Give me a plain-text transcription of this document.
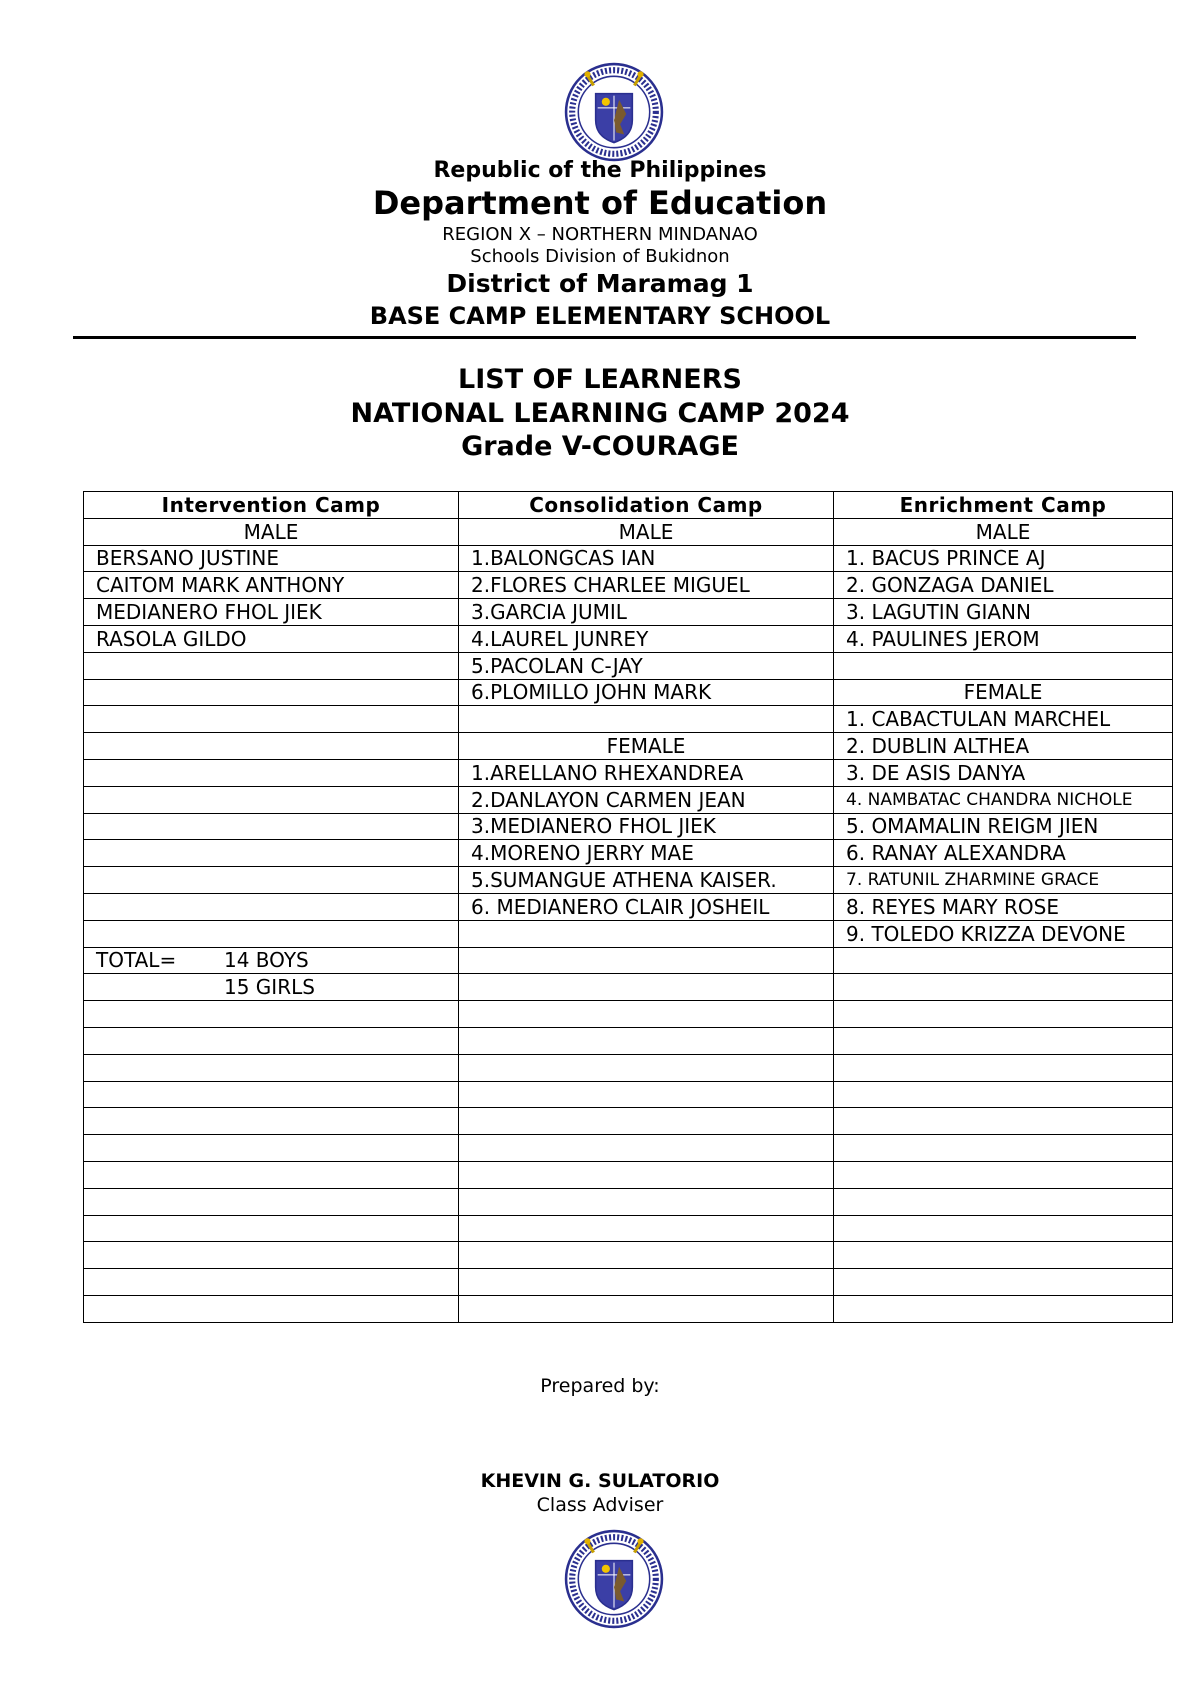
Republic of the Philippines
Department of Education
REGION X – NORTHERN MINDANAO
Schools Division of Bukidnon
District of Maramag 1
BASE CAMP ELEMENTARY SCHOOL
LIST OF LEARNERS
NATIONAL LEARNING CAMP 2024
Grade V-COURAGE
Intervention Camp	Consolidation Camp	Enrichment Camp
MALE	MALE	MALE
BERSANO JUSTINE	1.BALONGCAS IAN	1. BACUS PRINCE AJ
CAITOM MARK ANTHONY	2.FLORES CHARLEE MIGUEL	2. GONZAGA DANIEL
MEDIANERO FHOL JIEK	3.GARCIA JUMIL	3. LAGUTIN GIANN
RASOLA GILDO	4.LAUREL JUNREY	4. PAULINES JEROM
	5.PACOLAN C-JAY	
	6.PLOMILLO JOHN MARK	FEMALE
		1. CABACTULAN MARCHEL
	FEMALE	2. DUBLIN ALTHEA
	1.ARELLANO RHEXANDREA	3. DE ASIS DANYA
	2.DANLAYON CARMEN JEAN	4. NAMBATAC CHANDRA NICHOLE
	3.MEDIANERO FHOL JIEK	5. OMAMALIN REIGM JIEN
	4.MORENO JERRY MAE	6. RANAY ALEXANDRA
	5.SUMANGUE ATHENA KAISER.	7. RATUNIL ZHARMINE GRACE
	6. MEDIANERO CLAIR JOSHEIL	8. REYES MARY ROSE
		9. TOLEDO KRIZZA DEVONE
TOTAL= 14 BOYS		
15 GIRLS		

Prepared by:
KHEVIN G. SULATORIO
Class Adviser
